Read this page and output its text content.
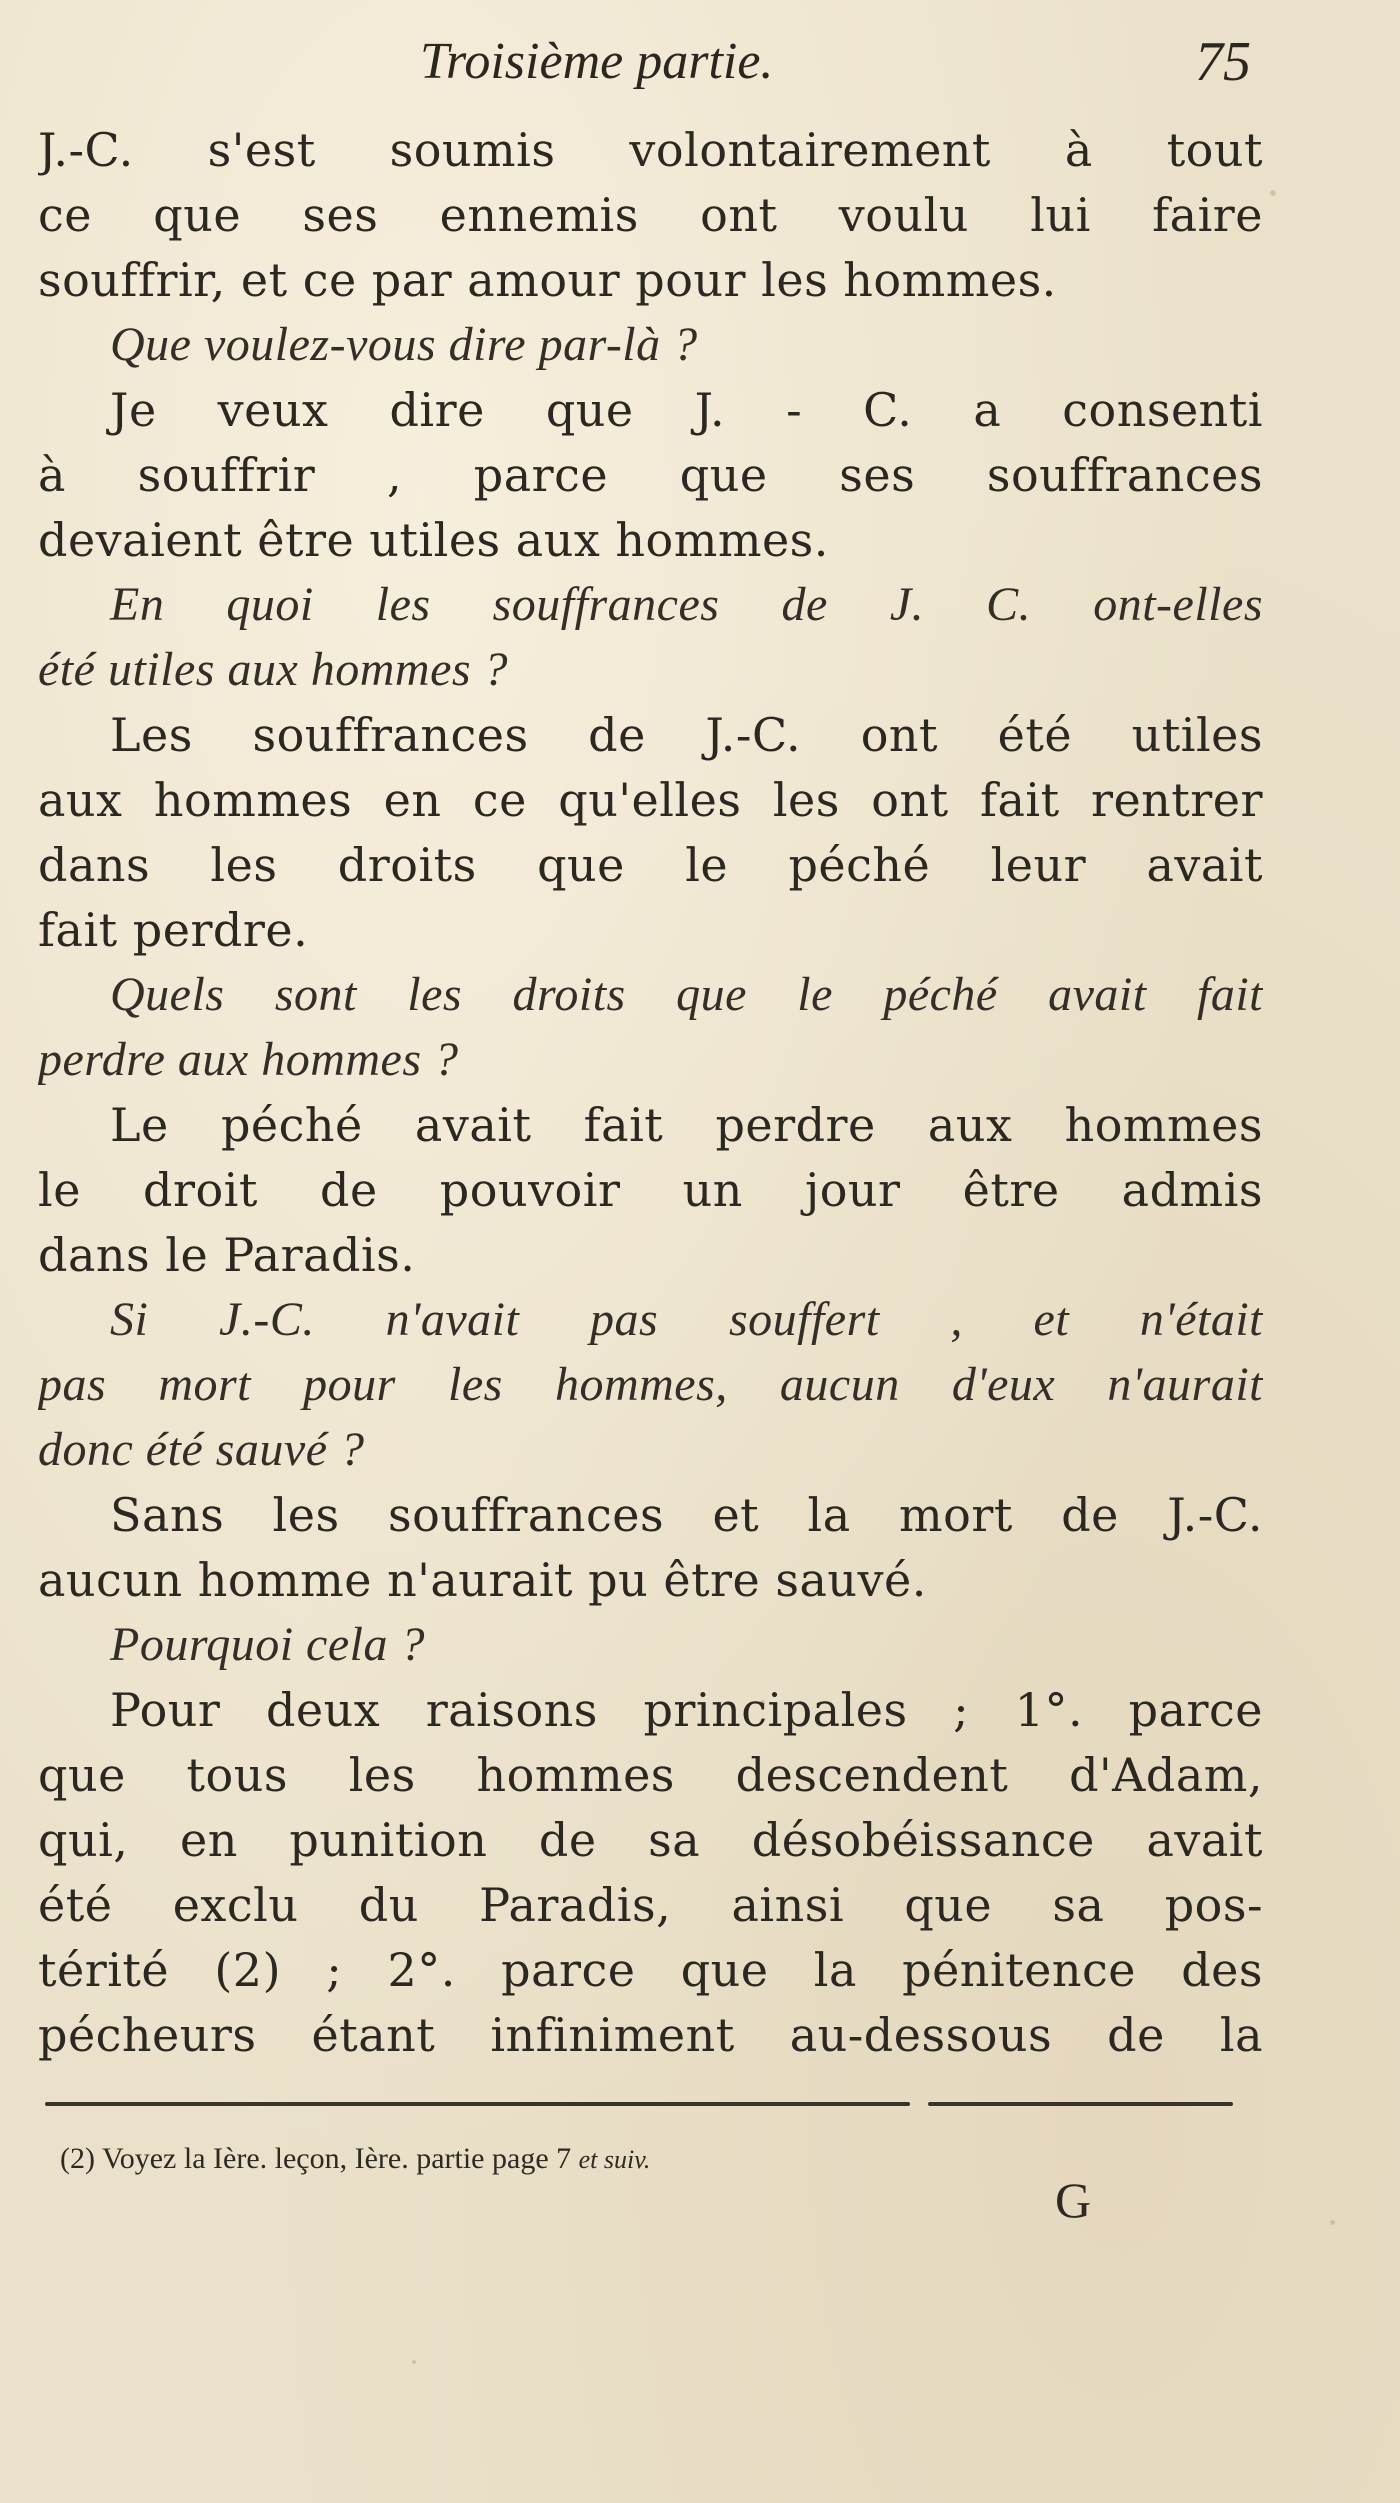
Troisième partie.	75
J.-C. s'est soumis volontairement à tout
ce que ses ennemis ont voulu lui faire
souffrir, et ce par amour pour les hommes.
Que voulez-vous dire par-là ?
Je veux dire que J. - C. a consenti
à souffrir , parce que ses souffrances
devaient être utiles aux hommes.
En quoi les souffrances de J. C. ont-elles
été utiles aux hommes ?
Les souffrances de J.-C. ont été utiles
aux hommes en ce qu'elles les ont fait rentrer
dans les droits que le péché leur avait
fait perdre.
Quels sont les droits que le péché avait fait
perdre aux hommes ?
Le péché avait fait perdre aux hommes
le droit de pouvoir un jour être admis
dans le Paradis.
Si J.-C. n'avait pas souffert , et n'était
pas mort pour les hommes, aucun d'eux n'aurait
donc été sauvé ?
Sans les souffrances et la mort de J.-C.
aucun homme n'aurait pu être sauvé.
Pourquoi cela ?
Pour deux raisons principales ; 1°. parce
que tous les hommes descendent d'Adam,
qui, en punition de sa désobéissance avait
été exclu du Paradis, ainsi que sa pos-
térité (2) ; 2°. parce que la pénitence des
pécheurs étant infiniment au-dessous de la
(2) Voyez la Ière. leçon, Ière. partie page 7 et suiv.
G
